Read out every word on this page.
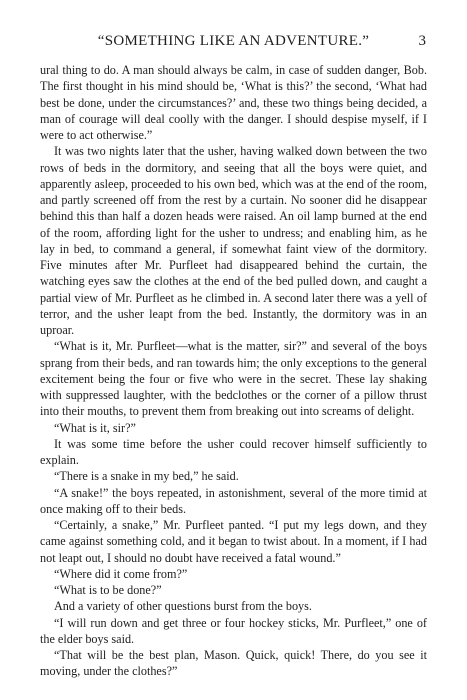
“SOMETHING LIKE AN ADVENTURE.”	3

ural thing to do. A man should always be calm, in case of sudden danger, Bob. The first thought in his mind should be, ‘What is this?’ the second, ‘What had best be done, under the circumstances?’ and, these two things being decided, a man of courage will deal coolly with the danger. I should despise myself, if I were to act otherwise.”

It was two nights later that the usher, having walked down between the two rows of beds in the dormitory, and seeing that all the boys were quiet, and apparently asleep, proceeded to his own bed, which was at the end of the room, and partly screened off from the rest by a curtain. No sooner did he disappear behind this than half a dozen heads were raised. An oil lamp burned at the end of the room, affording light for the usher to undress; and enabling him, as he lay in bed, to command a general, if somewhat faint view of the dormitory. Five minutes after Mr. Purfleet had disappeared behind the curtain, the watching eyes saw the clothes at the end of the bed pulled down, and caught a partial view of Mr. Purfleet as he climbed in. A second later there was a yell of terror, and the usher leapt from the bed. Instantly, the dormitory was in an uproar.

“What is it, Mr. Purfleet—what is the matter, sir?” and several of the boys sprang from their beds, and ran towards him; the only exceptions to the general excitement being the four or five who were in the secret. These lay shaking with suppressed laughter, with the bedclothes or the corner of a pillow thrust into their mouths, to prevent them from breaking out into screams of delight.

“What is it, sir?”

It was some time before the usher could recover himself sufficiently to explain.

“There is a snake in my bed,” he said.

“A snake!” the boys repeated, in astonishment, several of the more timid at once making off to their beds.

“Certainly, a snake,” Mr. Purfleet panted. “I put my legs down, and they came against something cold, and it began to twist about. In a moment, if I had not leapt out, I should no doubt have received a fatal wound.”

“Where did it come from?”

“What is to be done?”

And a variety of other questions burst from the boys.

“I will run down and get three or four hockey sticks, Mr. Purfleet,” one of the elder boys said.

“That will be the best plan, Mason. Quick, quick! There, do you see it moving, under the clothes?”
